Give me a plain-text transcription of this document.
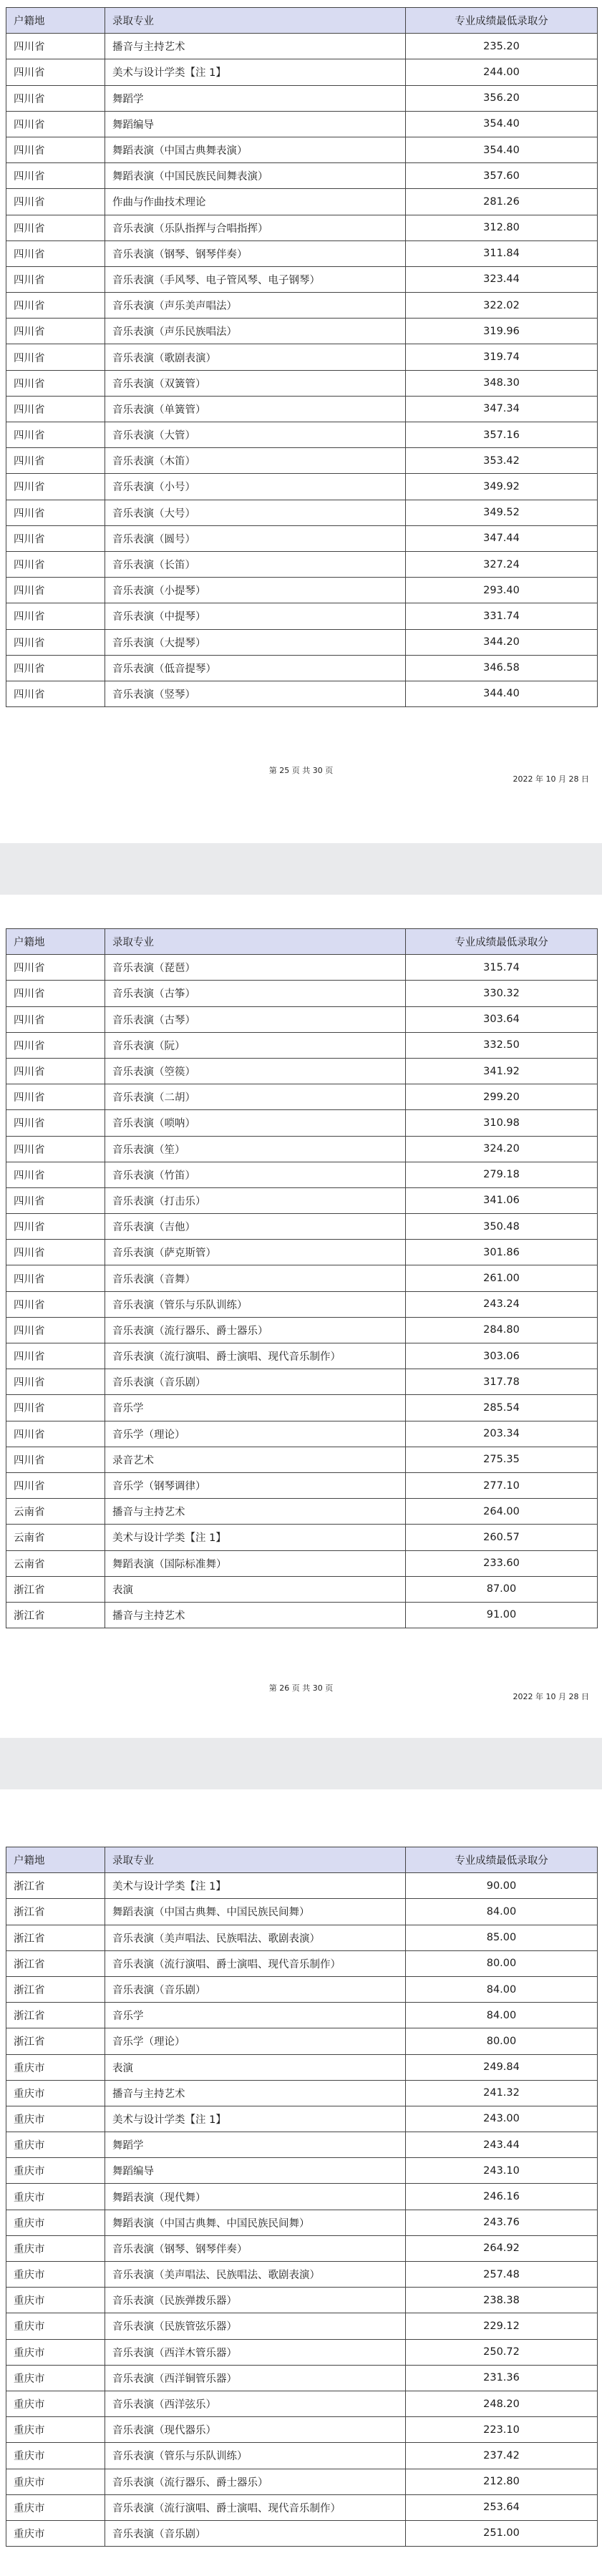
户籍地	录取专业	专业成绩最低录取分
四川省	播音与主持艺术	235.20
四川省	美术与设计学类【注 1】	244.00
四川省	舞蹈学	356.20
四川省	舞蹈编导	354.40
四川省	舞蹈表演（中国古典舞表演）	354.40
四川省	舞蹈表演（中国民族民间舞表演）	357.60
四川省	作曲与作曲技术理论	281.26
四川省	音乐表演（乐队指挥与合唱指挥）	312.80
四川省	音乐表演（钢琴、钢琴伴奏）	311.84
四川省	音乐表演（手风琴、电子管风琴、电子钢琴）	323.44
四川省	音乐表演（声乐美声唱法）	322.02
四川省	音乐表演（声乐民族唱法）	319.96
四川省	音乐表演（歌剧表演）	319.74
四川省	音乐表演（双簧管）	348.30
四川省	音乐表演（单簧管）	347.34
四川省	音乐表演（大管）	357.16
四川省	音乐表演（木笛）	353.42
四川省	音乐表演（小号）	349.92
四川省	音乐表演（大号）	349.52
四川省	音乐表演（圆号）	347.44
四川省	音乐表演（长笛）	327.24
四川省	音乐表演（小提琴）	293.40
四川省	音乐表演（中提琴）	331.74
四川省	音乐表演（大提琴）	344.20
四川省	音乐表演（低音提琴）	346.58
四川省	音乐表演（竖琴）	344.40
第 25 页 共 30 页
2022 年 10 月 28 日
户籍地	录取专业	专业成绩最低录取分
四川省	音乐表演（琵琶）	315.74
四川省	音乐表演（古筝）	330.32
四川省	音乐表演（古琴）	303.64
四川省	音乐表演（阮）	332.50
四川省	音乐表演（箜篌）	341.92
四川省	音乐表演（二胡）	299.20
四川省	音乐表演（唢呐）	310.98
四川省	音乐表演（笙）	324.20
四川省	音乐表演（竹笛）	279.18
四川省	音乐表演（打击乐）	341.06
四川省	音乐表演（吉他）	350.48
四川省	音乐表演（萨克斯管）	301.86
四川省	音乐表演（音舞）	261.00
四川省	音乐表演（管乐与乐队训练）	243.24
四川省	音乐表演（流行器乐、爵士器乐）	284.80
四川省	音乐表演（流行演唱、爵士演唱、现代音乐制作）	303.06
四川省	音乐表演（音乐剧）	317.78
四川省	音乐学	285.54
四川省	音乐学（理论）	203.34
四川省	录音艺术	275.35
四川省	音乐学（钢琴调律）	277.10
云南省	播音与主持艺术	264.00
云南省	美术与设计学类【注 1】	260.57
云南省	舞蹈表演（国际标准舞）	233.60
浙江省	表演	87.00
浙江省	播音与主持艺术	91.00
第 26 页 共 30 页
2022 年 10 月 28 日
户籍地	录取专业	专业成绩最低录取分
浙江省	美术与设计学类【注 1】	90.00
浙江省	舞蹈表演（中国古典舞、中国民族民间舞）	84.00
浙江省	音乐表演（美声唱法、民族唱法、歌剧表演）	85.00
浙江省	音乐表演（流行演唱、爵士演唱、现代音乐制作）	80.00
浙江省	音乐表演（音乐剧）	84.00
浙江省	音乐学	84.00
浙江省	音乐学（理论）	80.00
重庆市	表演	249.84
重庆市	播音与主持艺术	241.32
重庆市	美术与设计学类【注 1】	243.00
重庆市	舞蹈学	243.44
重庆市	舞蹈编导	243.10
重庆市	舞蹈表演（现代舞）	246.16
重庆市	舞蹈表演（中国古典舞、中国民族民间舞）	243.76
重庆市	音乐表演（钢琴、钢琴伴奏）	264.92
重庆市	音乐表演（美声唱法、民族唱法、歌剧表演）	257.48
重庆市	音乐表演（民族弹拨乐器）	238.38
重庆市	音乐表演（民族管弦乐器）	229.12
重庆市	音乐表演（西洋木管乐器）	250.72
重庆市	音乐表演（西洋铜管乐器）	231.36
重庆市	音乐表演（西洋弦乐）	248.20
重庆市	音乐表演（现代器乐）	223.10
重庆市	音乐表演（管乐与乐队训练）	237.42
重庆市	音乐表演（流行器乐、爵士器乐）	212.80
重庆市	音乐表演（流行演唱、爵士演唱、现代音乐制作）	253.64
重庆市	音乐表演（音乐剧）	251.00
